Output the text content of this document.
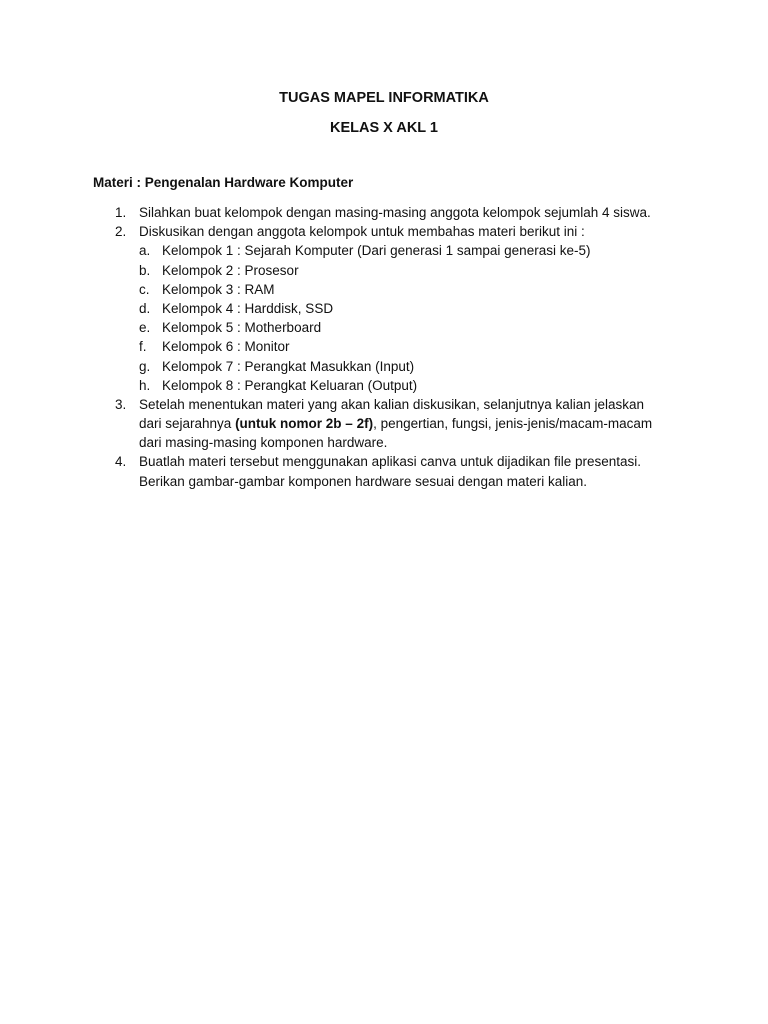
TUGAS MAPEL INFORMATIKA
KELAS X AKL 1
Materi : Pengenalan Hardware Komputer
1. Silahkan buat kelompok dengan masing-masing anggota kelompok sejumlah 4 siswa.
2. Diskusikan dengan anggota kelompok untuk membahas materi berikut ini :
a. Kelompok 1 : Sejarah Komputer (Dari generasi 1 sampai generasi ke-5)
b. Kelompok 2 : Prosesor
c. Kelompok 3 : RAM
d. Kelompok 4 : Harddisk, SSD
e. Kelompok 5 : Motherboard
f. Kelompok 6 : Monitor
g. Kelompok 7 : Perangkat Masukkan (Input)
h. Kelompok 8 : Perangkat Keluaran (Output)
3. Setelah menentukan materi yang akan kalian diskusikan, selanjutnya kalian jelaskan
dari sejarahnya (untuk nomor 2b – 2f), pengertian, fungsi, jenis-jenis/macam-macam
dari masing-masing komponen hardware.
4. Buatlah materi tersebut menggunakan aplikasi canva untuk dijadikan file presentasi.
Berikan gambar-gambar komponen hardware sesuai dengan materi kalian.
